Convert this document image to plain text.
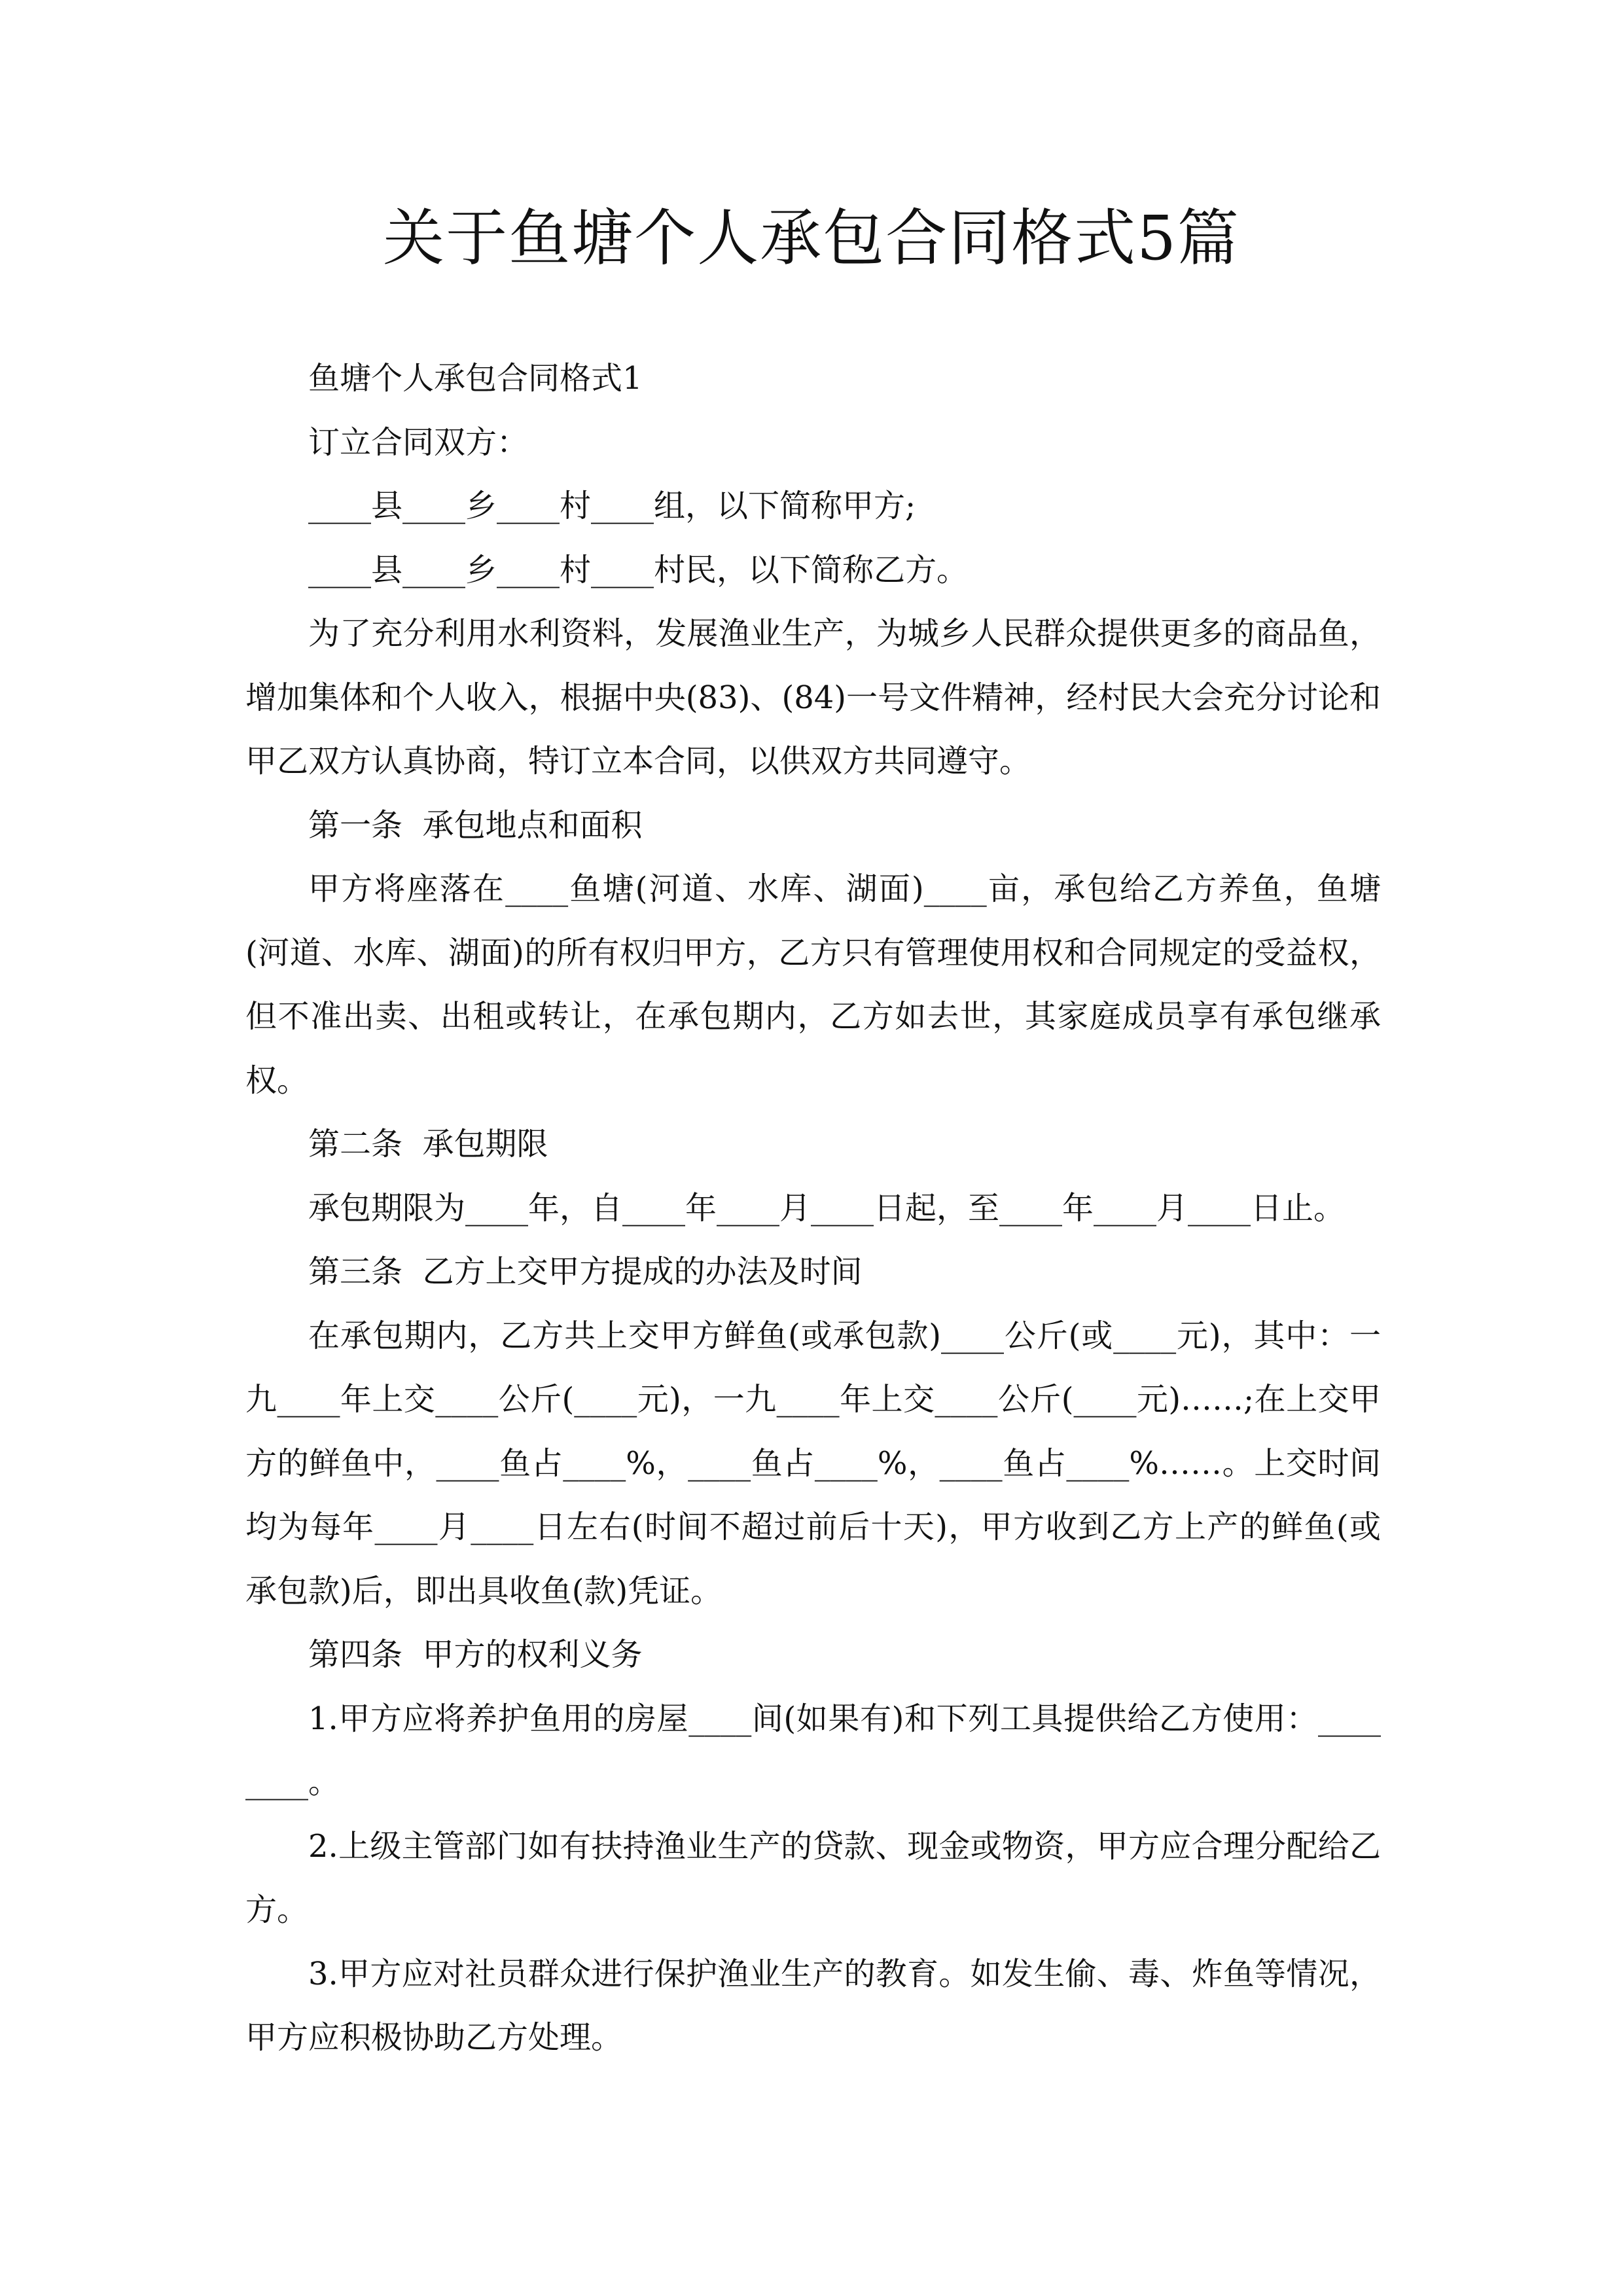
关于鱼塘个人承包合同格式5篇

鱼塘个人承包合同格式1

订立合同双方：

____县____乡____村____组，以下简称甲方;

____县____乡____村____村民，以下简称乙方。

为了充分利用水利资料，发展渔业生产，为城乡人民群众提供更多的商品鱼，增加集体和个人收入，根据中央(83)、(84)一号文件精神，经村民大会充分讨论和甲乙双方认真协商，特订立本合同，以供双方共同遵守。

第一条  承包地点和面积

甲方将座落在____鱼塘(河道、水库、湖面)____亩，承包给乙方养鱼，鱼塘(河道、水库、湖面)的所有权归甲方，乙方只有管理使用权和合同规定的受益权，但不准出卖、出租或转让，在承包期内，乙方如去世，其家庭成员享有承包继承权。

第二条  承包期限

承包期限为____年，自____年____月____日起，至____年____月____日止。

第三条  乙方上交甲方提成的办法及时间

在承包期内，乙方共上交甲方鲜鱼(或承包款)____公斤(或____元)，其中：一九____年上交____公斤(____元)，一九____年上交____公斤(____元)……;在上交甲方的鲜鱼中，____鱼占____%，____鱼占____%，____鱼占____%……。上交时间均为每年____月____日左右(时间不超过前后十天)，甲方收到乙方上产的鲜鱼(或承包款)后，即出具收鱼(款)凭证。

第四条  甲方的权利义务

1.甲方应将养护鱼用的房屋____间(如果有)和下列工具提供给乙方使用：________。

2.上级主管部门如有扶持渔业生产的贷款、现金或物资，甲方应合理分配给乙方。

3.甲方应对社员群众进行保护渔业生产的教育。如发生偷、毒、炸鱼等情况，甲方应积极协助乙方处理。
